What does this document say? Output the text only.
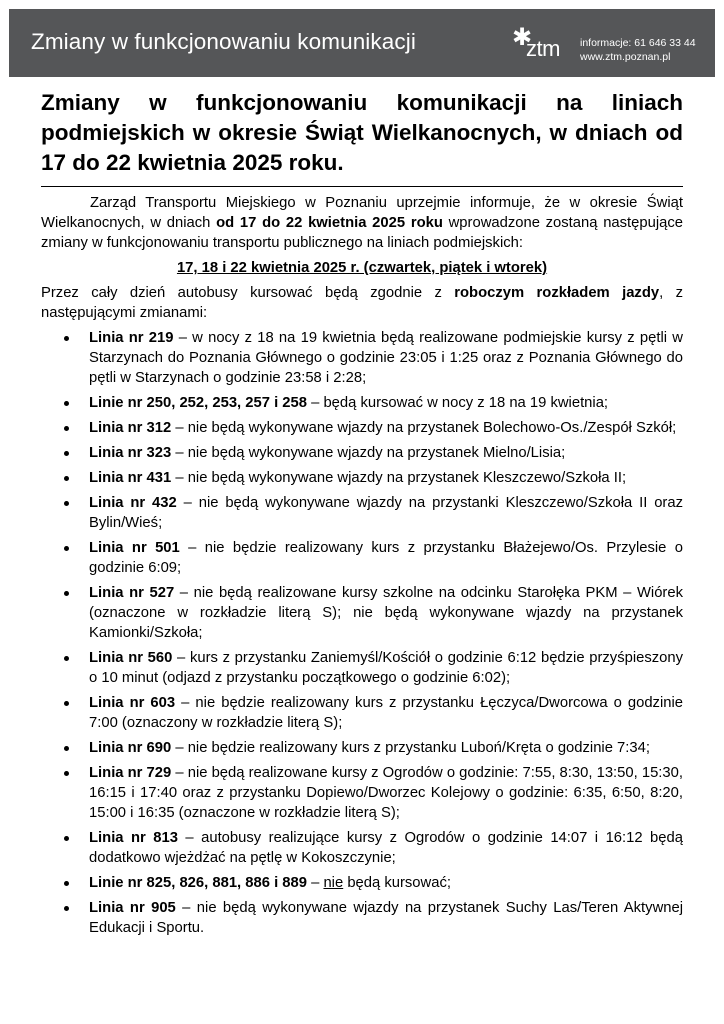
Zmiany w funkcjonowaniu komunikacji	✱
ztm informacje: 61 646 33 44
www.ztm.poznan.pl
Zmiany w funkcjonowaniu komunikacji na liniach podmiejskich w okresie Świąt Wielkanocnych, w dniach od 17 do 22 kwietnia 2025 roku.

Zarząd Transportu Miejskiego w Poznaniu uprzejmie informuje, że w okresie Świąt Wielkanocnych, w dniach od 17 do 22 kwietnia 2025 roku wprowadzone zostaną następujące zmiany w funkcjonowaniu transportu publicznego na liniach podmiejskich:

17, 18 i 22 kwietnia 2025 r. (czwartek, piątek i wtorek)

Przez cały dzień autobusy kursować będą zgodnie z roboczym rozkładem jazdy, z następującymi zmianami:

Linia nr 219 – w nocy z 18 na 19 kwietnia będą realizowane podmiejskie kursy z pętli w Starzynach do Poznania Głównego o godzinie 23:05 i 1:25 oraz z Poznania Głównego do pętli w Starzynach o godzinie 23:58 i 2:28;
Linie nr 250, 252, 253, 257 i 258 – będą kursować w nocy z 18 na 19 kwietnia;
Linia nr 312 – nie będą wykonywane wjazdy na przystanek Bolechowo-Os./Zespół Szkół;
Linia nr 323 – nie będą wykonywane wjazdy na przystanek Mielno/Lisia;
Linia nr 431 – nie będą wykonywane wjazdy na przystanek Kleszczewo/Szkoła II;
Linia nr 432 – nie będą wykonywane wjazdy na przystanki Kleszczewo/Szkoła II oraz Bylin/Wieś;
Linia nr 501 – nie będzie realizowany kurs z przystanku Błażejewo/Os. Przylesie o godzinie 6:09;
Linia nr 527 – nie będą realizowane kursy szkolne na odcinku Starołęka PKM – Wiórek (oznaczone w rozkładzie literą S); nie będą wykonywane wjazdy na przystanek Kamionki/Szkoła;
Linia nr 560 – kurs z przystanku Zaniemyśl/Kościół o godzinie 6:12 będzie przyśpieszony o 10 minut (odjazd z przystanku początkowego o godzinie 6:02);
Linia nr 603 – nie będzie realizowany kurs z przystanku Łęczyca/Dworcowa o godzinie 7:00 (oznaczony w rozkładzie literą S);
Linia nr 690 – nie będzie realizowany kurs z przystanku Luboń/Kręta o godzinie 7:34;
Linia nr 729 – nie będą realizowane kursy z Ogrodów o godzinie: 7:55, 8:30, 13:50, 15:30, 16:15 i 17:40 oraz z przystanku Dopiewo/Dworzec Kolejowy o godzinie: 6:35, 6:50, 8:20, 15:00 i 16:35 (oznaczone w rozkładzie literą S);
Linia nr 813 – autobusy realizujące kursy z Ogrodów o godzinie 14:07 i 16:12 będą dodatkowo wjeżdżać na pętlę w Kokoszczynie;
Linie nr 825, 826, 881, 886 i 889 – nie będą kursować;
Linia nr 905 – nie będą wykonywane wjazdy na przystanek Suchy Las/Teren Aktywnej Edukacji i Sportu.
